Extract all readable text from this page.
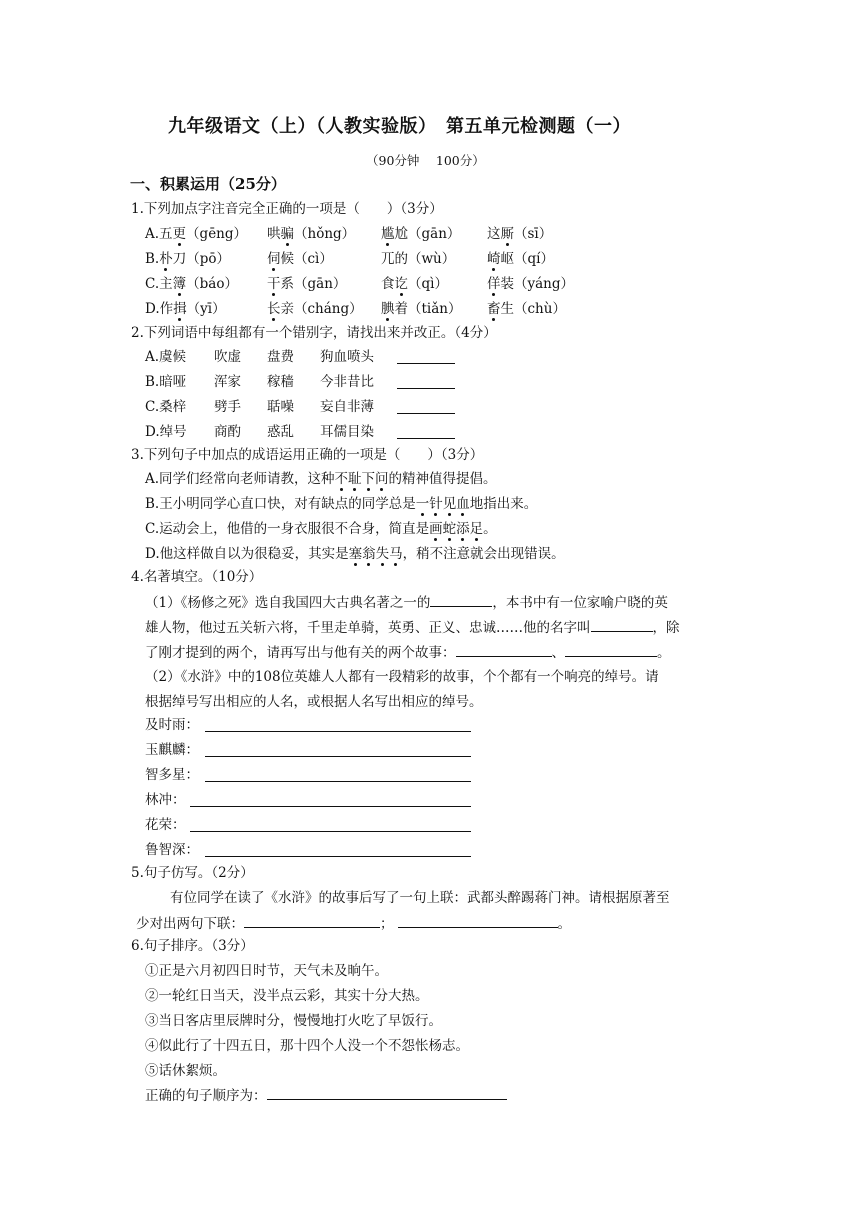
九年级语文（上）（人教实验版）　第五单元检测题（一）
（90分钟　 100分）
一、积累运用（25分）
1.下列加点字注音完全正确的一项是（　　）（3分）
A.五更（gēng） 哄骗（hǒng） 尴尬（gān） 这厮（sī）
B.朴刀（pō）	伺候（cì）	兀的（wù） 崎岖（qí）
C.主簿（báo） 干系（gān）	食讫（qì）	佯装（yáng）
D.作揖（yī）	长亲（cháng） 腆着（tiǎn） 畜生（chù）
2.下列词语中每组都有一个错别字，请找出来并改正。（4分）
A.虞候 吹虚 盘费 狗血喷头
B.暗哑 浑家 稼穑 今非昔比
C.桑梓 劈手 聒噪 妄自非薄
D.绰号 商酌 惑乱 耳儒目染
3.下列句子中加点的成语运用正确的一项是（　　）（3分）
A.同学们经常向老师请教，这种不耻下问的精神值得提倡。
B.王小明同学心直口快，对有缺点的同学总是一针见血地指出来。
C.运动会上，他借的一身衣服很不合身，简直是画蛇添足。
D.他这样做自以为很稳妥，其实是塞翁失马，稍不注意就会出现错误。
4.名著填空。（10分）
（1）《杨修之死》选自我国四大古典名著之一的	，本书中有一位家喻户晓的英
雄人物，他过五关斩六将，千里走单骑，英勇、正义、忠诚……他的名字叫	，除
了刚才提到的两个，请再写出与他有关的两个故事：	、	。
（2）《水浒》中的108位英雄人人都有一段精彩的故事，个个都有一个响亮的绰号。请
根据绰号写出相应的人名，或根据人名写出相应的绰号。
及时雨：
玉麒麟：
智多星：
林冲：
花荣：
鲁智深：
5.句子仿写。（2分）
有位同学在读了《水浒》的故事后写了一句上联：武都头醉踢蒋门神。请根据原著至
少对出两句下联：	；	。
6.句子排序。（3分）
①正是六月初四日时节，天气未及晌午。
②一轮红日当天，没半点云彩，其实十分大热。
③当日客店里辰牌时分，慢慢地打火吃了早饭行。
④似此行了十四五日，那十四个人没一个不怨怅杨志。
⑤话休絮烦。
正确的句子顺序为：
